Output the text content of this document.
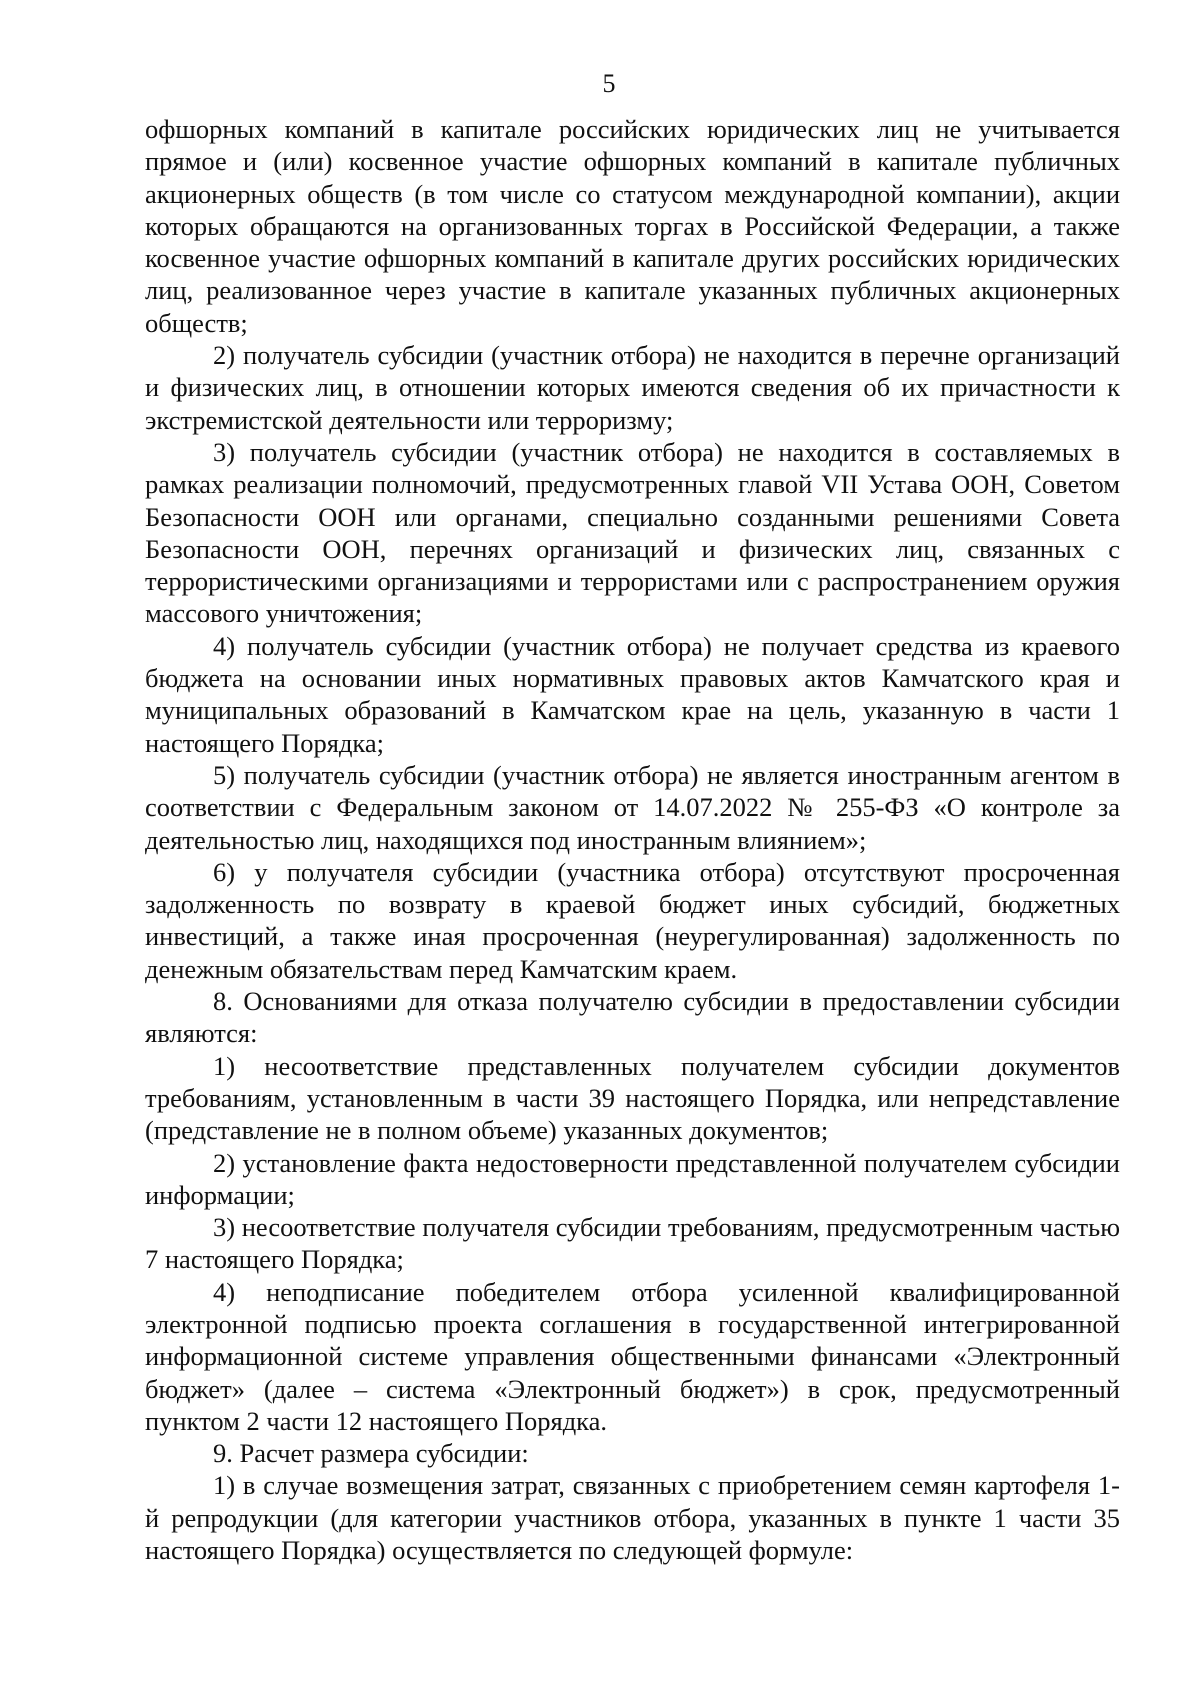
5

офшорных компаний в капитале российских юридических лиц не учитывается прямое и (или) косвенное участие офшорных компаний в капитале публичных акционерных обществ (в том числе со статусом международной компании), акции которых обращаются на организованных торгах в Российской Федерации, а также косвенное участие офшорных компаний в капитале других российских юридических лиц, реализованное через участие в капитале указанных публичных акционерных обществ;

2) получатель субсидии (участник отбора) не находится в перечне организаций и физических лиц, в отношении которых имеются сведения об их причастности к экстремистской деятельности или терроризму;

3) получатель субсидии (участник отбора) не находится в составляемых в рамках реализации полномочий, предусмотренных главой VII Устава ООН, Советом Безопасности ООН или органами, специально созданными решениями Совета Безопасности ООН, перечнях организаций и физических лиц, связанных с террористическими организациями и террористами или с распространением оружия массового уничтожения;

4) получатель субсидии (участник отбора) не получает средства из краевого бюджета на основании иных нормативных правовых актов Камчатского края и муниципальных образований в Камчатском крае на цель, указанную в части 1 настоящего Порядка;

5) получатель субсидии (участник отбора) не является иностранным агентом в соответствии с Федеральным законом от 14.07.2022 № 255-ФЗ «О контроле за деятельностью лиц, находящихся под иностранным влиянием»;

6) у получателя субсидии (участника отбора) отсутствуют просроченная задолженность по возврату в краевой бюджет иных субсидий, бюджетных инвестиций, а также иная просроченная (неурегулированная) задолженность по денежным обязательствам перед Камчатским краем.

8. Основаниями для отказа получателю субсидии в предоставлении субсидии являются:

1) несоответствие представленных получателем субсидии документов требованиям, установленным в части 39 настоящего Порядка, или непредставление (представление не в полном объеме) указанных документов;

2) установление факта недостоверности представленной получателем субсидии информации;

3) несоответствие получателя субсидии требованиям, предусмотренным частью 7 настоящего Порядка;

4) неподписание победителем отбора усиленной квалифицированной электронной подписью проекта соглашения в государственной интегрированной информационной системе управления общественными финансами «Электронный бюджет» (далее – система «Электронный бюджет») в срок, предусмотренный пунктом 2 части 12 настоящего Порядка.

9. Расчет размера субсидии:

1) в случае возмещения затрат, связанных с приобретением семян картофеля 1-й репродукции (для категории участников отбора, указанных в пункте 1 части 35 настоящего Порядка) осуществляется по следующей формуле:
